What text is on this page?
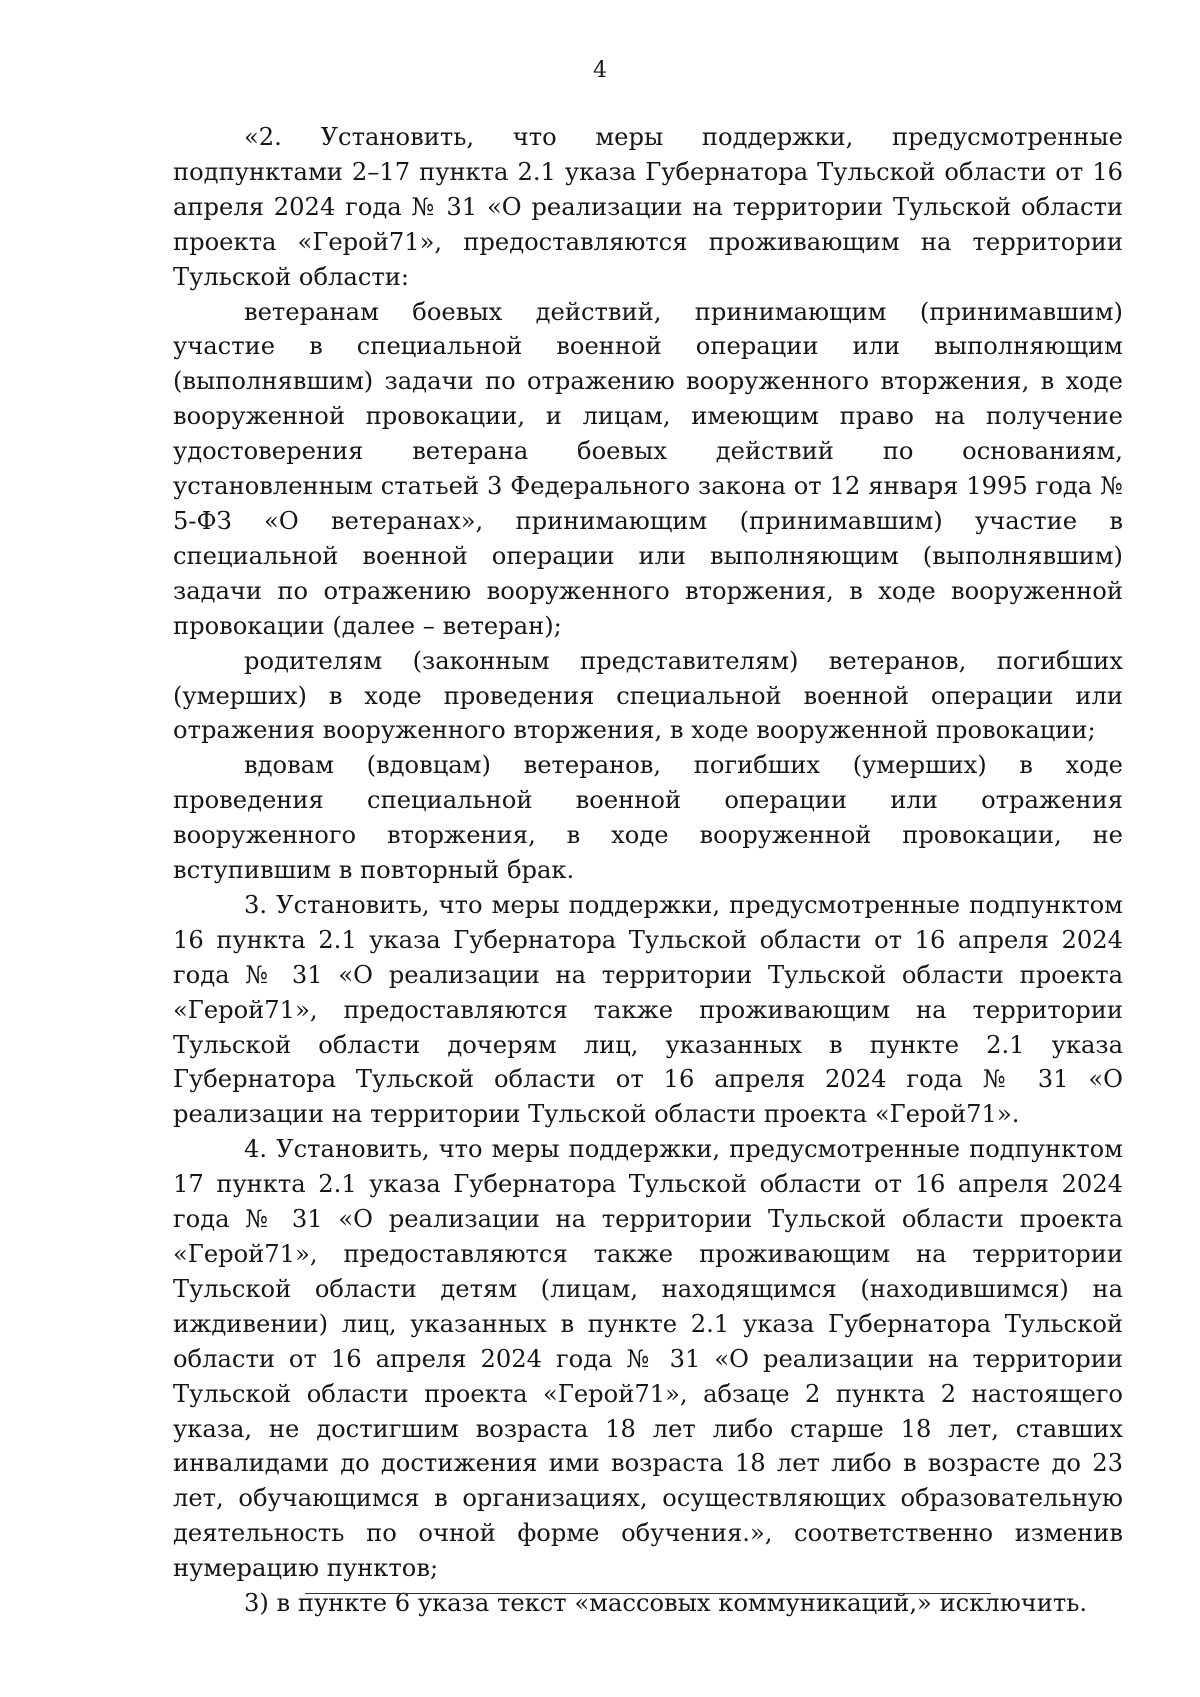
4

«2. Установить, что меры поддержки, предусмотренные подпунктами 2–17 пункта 2.1 указа Губернатора Тульской области от 16 апреля 2024 года № 31 «О реализации на территории Тульской области проекта «Герой71», предоставляются проживающим на территории Тульской области:

ветеранам боевых действий, принимающим (принимавшим) участие в специальной военной операции или выполняющим (выполнявшим) задачи по отражению вооруженного вторжения, в ходе вооруженной провокации, и лицам, имеющим право на получение удостоверения ветерана боевых действий по основаниям, установленным статьей 3 Федерального закона от 12 января 1995 года № 5-ФЗ «О ветеранах», принимающим (принимавшим) участие в специальной военной операции или выполняющим (выполнявшим) задачи по отражению вооруженного вторжения, в ходе вооруженной провокации (далее – ветеран);

родителям (законным представителям) ветеранов, погибших (умерших) в ходе проведения специальной военной операции или отражения вооруженного вторжения, в ходе вооруженной провокации;

вдовам (вдовцам) ветеранов, погибших (умерших) в ходе проведения специальной военной операции или отражения вооруженного вторжения, в ходе вооруженной провокации, не вступившим в повторный брак.

3. Установить, что меры поддержки, предусмотренные подпунктом 16 пункта 2.1 указа Губернатора Тульской области от 16 апреля 2024 года № 31 «О реализации на территории Тульской области проекта «Герой71», предоставляются также проживающим на территории Тульской области дочерям лиц, указанных в пункте 2.1 указа Губернатора Тульской области от 16 апреля 2024 года № 31 «О реализации на территории Тульской области проекта «Герой71».

4. Установить, что меры поддержки, предусмотренные подпунктом 17 пункта 2.1 указа Губернатора Тульской области от 16 апреля 2024 года № 31 «О реализации на территории Тульской области проекта «Герой71», предоставляются также проживающим на территории Тульской области детям (лицам, находящимся (находившимся) на иждивении) лиц, указанных в пункте 2.1 указа Губернатора Тульской области от 16 апреля 2024 года № 31 «О реализации на территории Тульской области проекта «Герой71», абзаце 2 пункта 2 настоящего указа, не достигшим возраста 18 лет либо старше 18 лет, ставших инвалидами до достижения ими возраста 18 лет либо в возрасте до 23 лет, обучающимся в организациях, осуществляющих образовательную деятельность по очной форме обучения.», соответственно изменив нумерацию пунктов;

3) в пункте 6 указа текст «массовых коммуникаций,» исключить.
